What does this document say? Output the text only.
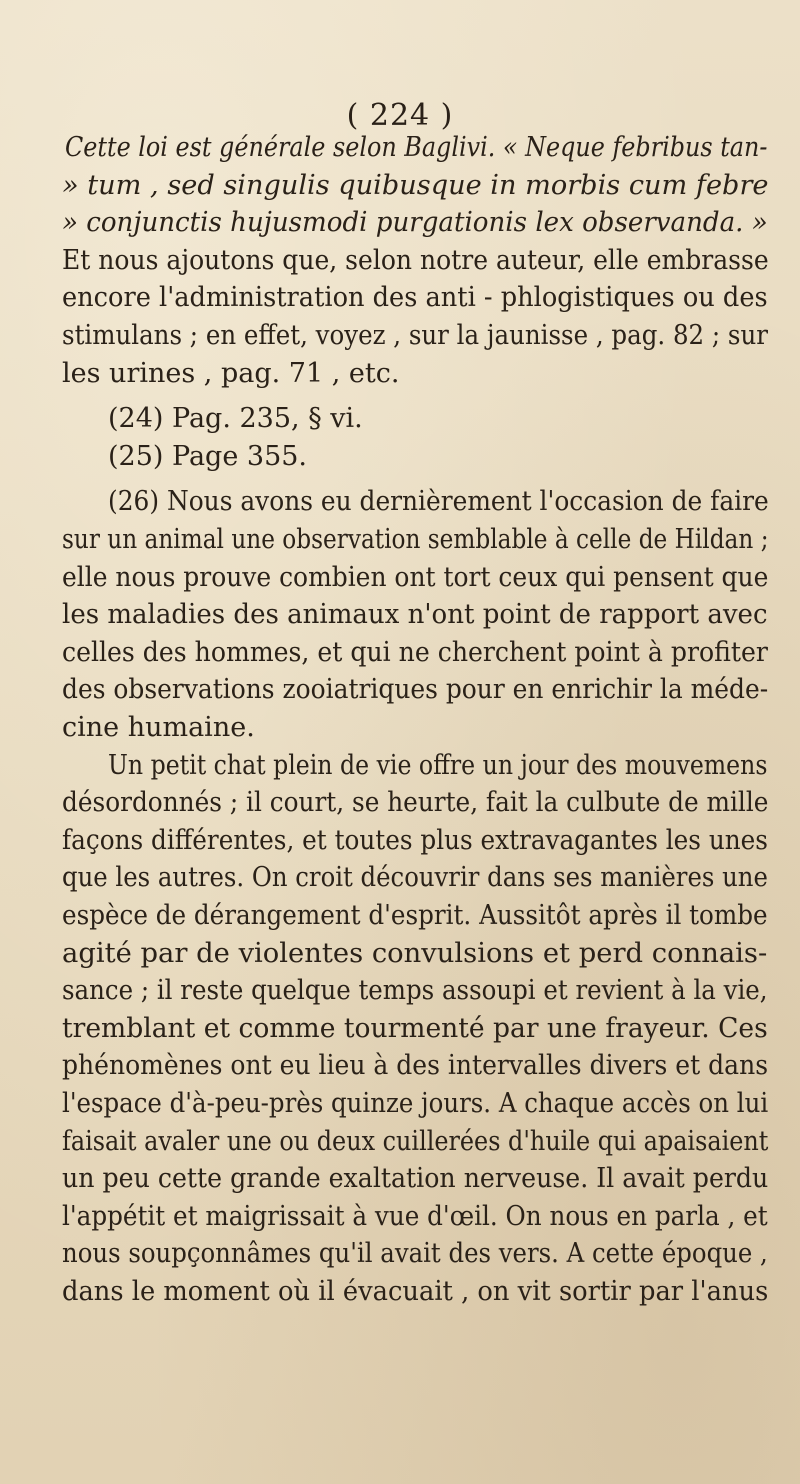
( 224 )

Cette loi est générale selon Baglivi. « Neque febribus tan-

» tum , sed singulis quibusque in morbis cum febre

» conjunctis hujusmodi purgationis lex observanda. »

Et nous ajoutons que, selon notre auteur, elle embrasse

encore l'administration des anti - phlogistiques ou des

stimulans ; en effet, voyez , sur la jaunisse , pag. 82 ; sur

les urines , pag. 71 , etc.

(24) Pag. 235, § vi.

(25) Page 355.

(26) Nous avons eu dernièrement l'occasion de faire

sur un animal une observation semblable à celle de Hildan ;

elle nous prouve combien ont tort ceux qui pensent que

les maladies des animaux n'ont point de rapport avec

celles des hommes, et qui ne cherchent point à profiter

des observations zooiatriques pour en enrichir la méde-

cine humaine.

Un petit chat plein de vie offre un jour des mouvemens

désordonnés ; il court, se heurte, fait la culbute de mille

façons différentes, et toutes plus extravagantes les unes

que les autres. On croit découvrir dans ses manières une

espèce de dérangement d'esprit. Aussitôt après il tombe

agité par de violentes convulsions et perd connais-

sance ; il reste quelque temps assoupi et revient à la vie,

tremblant et comme tourmenté par une frayeur. Ces

phénomènes ont eu lieu à des intervalles divers et dans

l'espace d'à-peu-près quinze jours. A chaque accès on lui

faisait avaler une ou deux cuillerées d'huile qui apaisaient

un peu cette grande exaltation nerveuse. Il avait perdu

l'appétit et maigrissait à vue d'œil. On nous en parla , et

nous soupçonnâmes qu'il avait des vers. A cette époque ,

dans le moment où il évacuait , on vit sortir par l'anus
